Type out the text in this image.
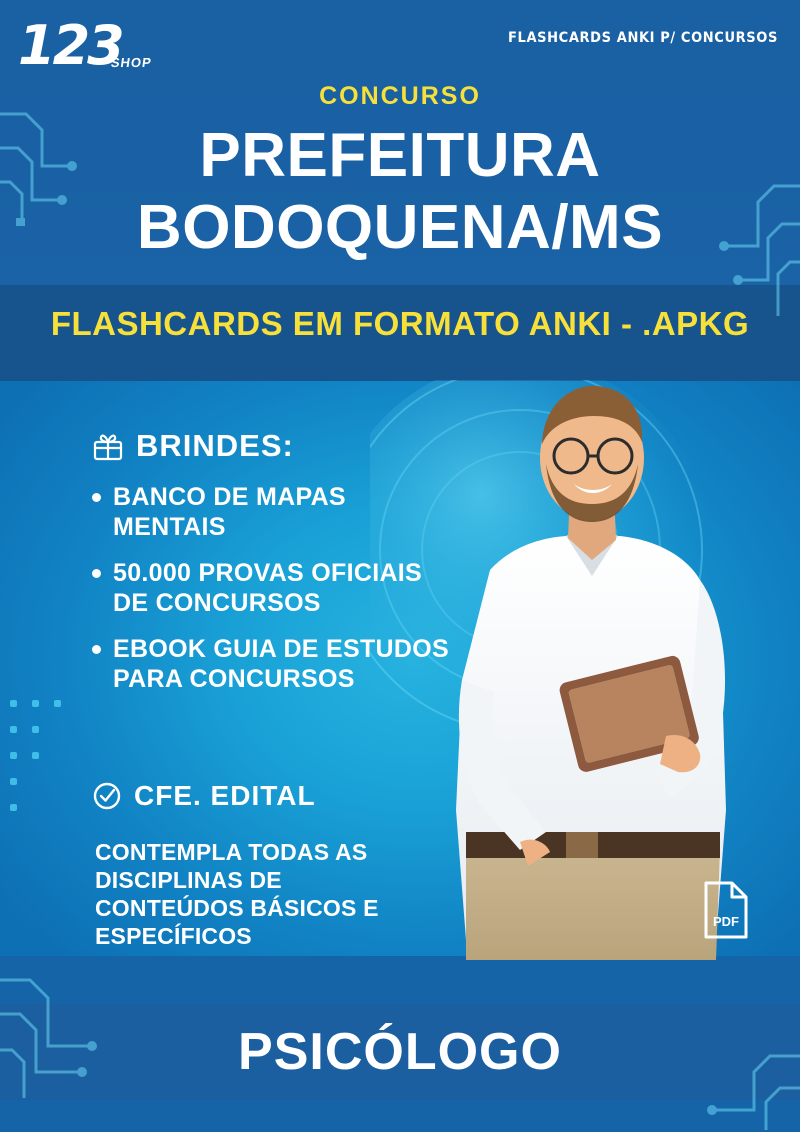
PSICÓLOGO
123
SHOP
FLASHCARDS ANKI P/ CONCURSOS
CONCURSO
PREFEITURA
BODOQUENA/MS
FLASHCARDS EM FORMATO ANKI - .APKG
BRINDES:
BANCO DE MAPAS MENTAIS
50.000 PROVAS OFICIAIS DE CONCURSOS
EBOOK GUIA DE ESTUDOS PARA CONCURSOS
CFE. EDITAL
CONTEMPLA TODAS AS DISCIPLINAS DE CONTEÚDOS BÁSICOS E ESPECÍFICOS
PDF
